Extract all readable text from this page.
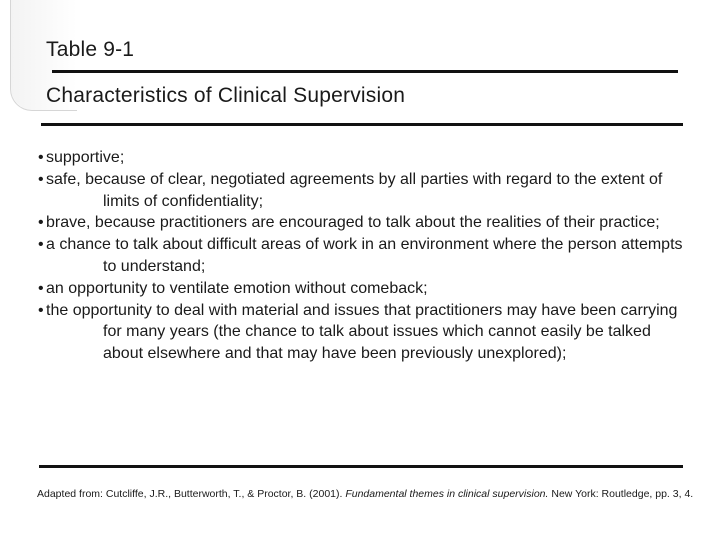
Table 9-1
Characteristics of Clinical Supervision
• supportive;
• safe, because of clear, negotiated agreements by all parties with regard to the extent of limits of confidentiality;
• brave, because practitioners are encouraged to talk about the realities of their practice;
• a chance to talk about difficult areas of work in an environment where the person attempts to understand;
• an opportunity to ventilate emotion without comeback;
• the opportunity to deal with material and issues that practitioners may have been carrying for many years (the chance to talk about issues which cannot easily be talked about elsewhere and that may have been previously unexplored);
Adapted from: Cutcliffe, J.R., Butterworth, T., & Proctor, B. (2001). Fundamental themes in clinical supervision. New York: Routledge, pp. 3, 4.
